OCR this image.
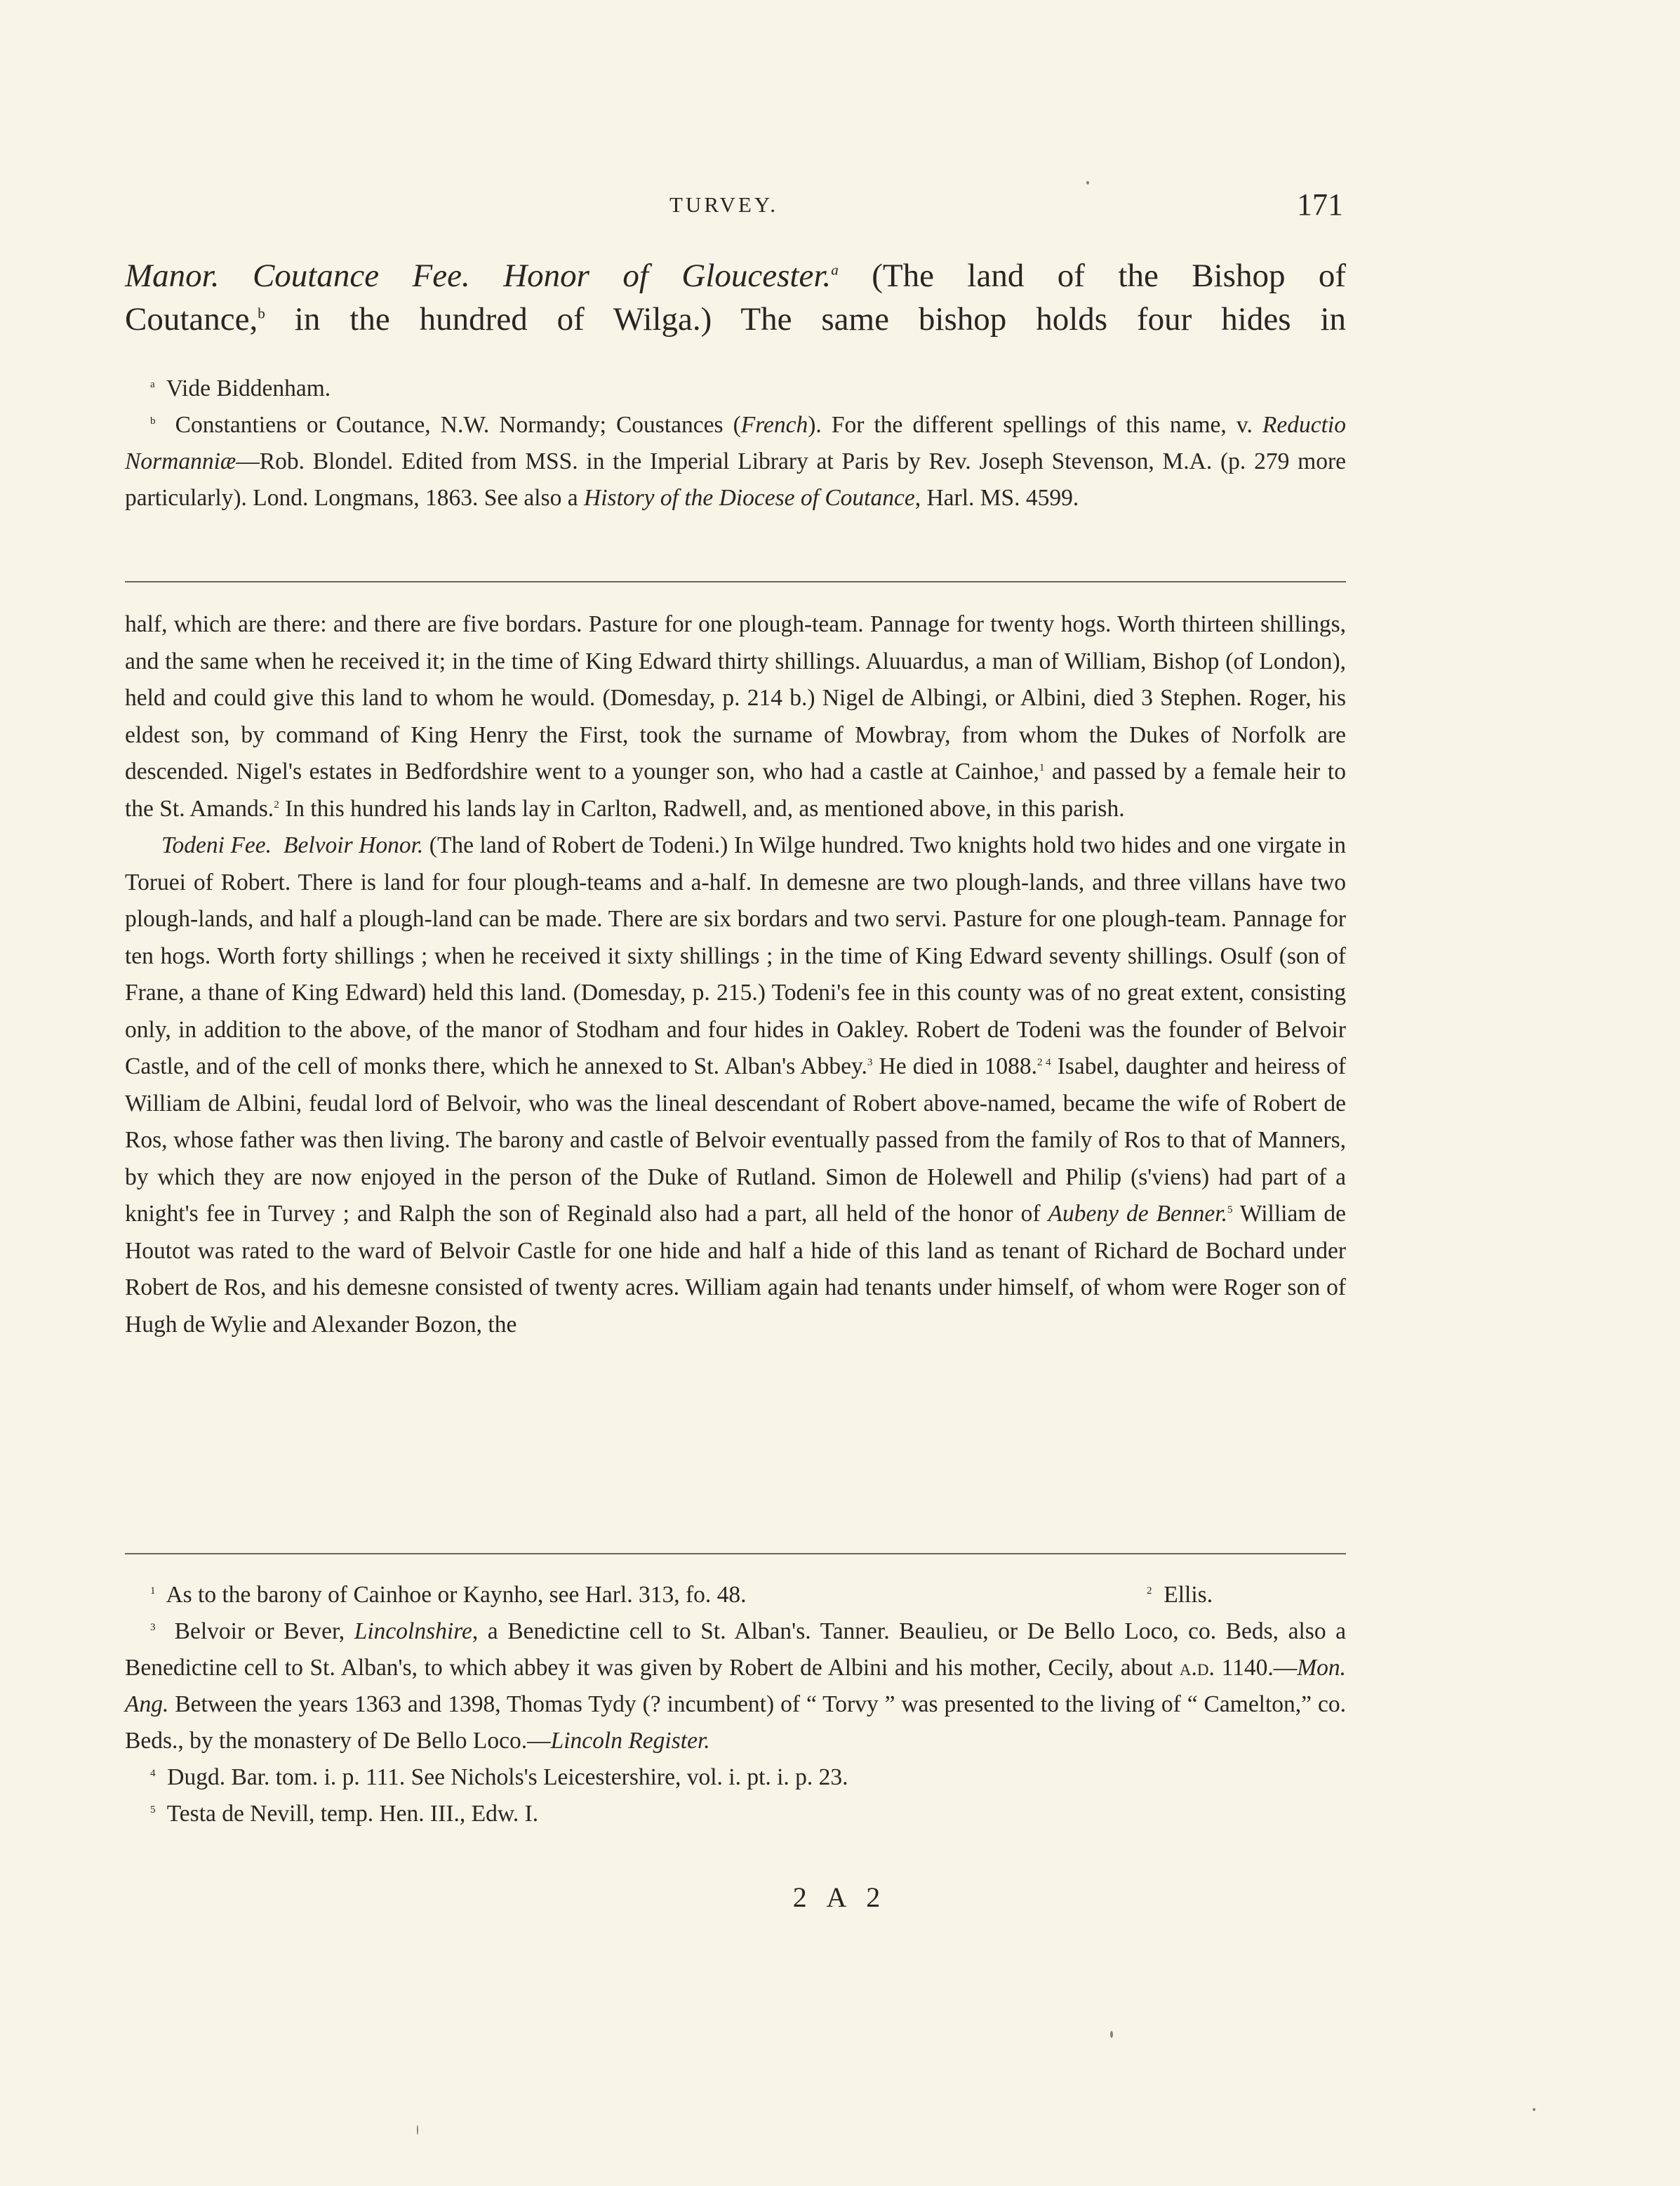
TURVEY.	171
Manor. Coutance Fee. Honor of Gloucester.$^a$ (The land of the Bishop of
Coutance,$^b$ in the hundred of Wilga.) The same bishop holds four hides in

$^a$ Vide Biddenham.

$^b$ Constantiens or Coutance, N.W. Normandy; Coustances (French). For the different spellings of this name, v. Reductio Normanniæ—Rob. Blondel. Edited from MSS. in the Imperial Library at Paris by Rev. Joseph Stevenson, M.A. (p. 279 more particularly). Lond. Longmans, 1863. See also a History of the Diocese of Coutance, Harl. MS. 4599.

half, which are there: and there are five bordars. Pasture for one plough-team. Pannage for twenty hogs. Worth thirteen shillings, and the same when he received it; in the time of King Edward thirty shillings. Aluuardus, a man of William, Bishop (of London), held and could give this land to whom he would. (Domesday, p. 214 b.) Nigel de Albingi, or Albini, died 3 Stephen. Roger, his eldest son, by command of King Henry the First, took the surname of Mowbray, from whom the Dukes of Norfolk are descended. Nigel's estates in Bedfordshire went to a younger son, who had a castle at Cainhoe,$^1$ and passed by a female heir to the St. Amands.$^2$ In this hundred his lands lay in Carlton, Radwell, and, as mentioned above, in this parish.

Todeni Fee. Belvoir Honor. (The land of Robert de Todeni.) In Wilge hundred. Two knights hold two hides and one virgate in Toruei of Robert. There is land for four plough-teams and a-half. In demesne are two plough-lands, and three villans have two plough-lands, and half a plough-land can be made. There are six bordars and two servi. Pasture for one plough-team. Pannage for ten hogs. Worth forty shillings ; when he received it sixty shillings ; in the time of King Edward seventy shillings. Osulf (son of Frane, a thane of King Edward) held this land. (Domesday, p. 215.) Todeni's fee in this county was of no great extent, consisting only, in addition to the above, of the manor of Stodham and four hides in Oakley. Robert de Todeni was the founder of Belvoir Castle, and of the cell of monks there, which he annexed to St. Alban's Abbey.$^3$ He died in 1088.$^{2 4}$ Isabel, daughter and heiress of William de Albini, feudal lord of Belvoir, who was the lineal descendant of Robert above-named, became the wife of Robert de Ros, whose father was then living. The barony and castle of Belvoir eventually passed from the family of Ros to that of Manners, by which they are now enjoyed in the person of the Duke of Rutland. Simon de Holewell and Philip (s'viens) had part of a knight's fee in Turvey ; and Ralph the son of Reginald also had a part, all held of the honor of Aubeny de Benner.$^5$ William de Houtot was rated to the ward of Belvoir Castle for one hide and half a hide of this land as tenant of Richard de Bochard under Robert de Ros, and his demesne consisted of twenty acres. William again had tenants under himself, of whom were Roger son of Hugh de Wylie and Alexander Bozon, the

$^1$ As to the barony of Cainhoe or Kaynho, see Harl. 313, fo. 48.	$^2$ Ellis.

$^3$ Belvoir or Bever, Lincolnshire, a Benedictine cell to St. Alban's. Tanner. Beaulieu, or De Bello Loco, co. Beds, also a Benedictine cell to St. Alban's, to which abbey it was given by Robert de Albini and his mother, Cecily, about a.d. 1140.—Mon. Ang. Between the years 1363 and 1398, Thomas Tydy (? incumbent) of “ Torvy ” was presented to the living of “ Camelton,” co. Beds., by the monastery of De Bello Loco.—Lincoln Register.

$^4$ Dugd. Bar. tom. i. p. 111. See Nichols's Leicestershire, vol. i. pt. i. p. 23.

$^5$ Testa de Nevill, temp. Hen. III., Edw. I.

2 A 2
